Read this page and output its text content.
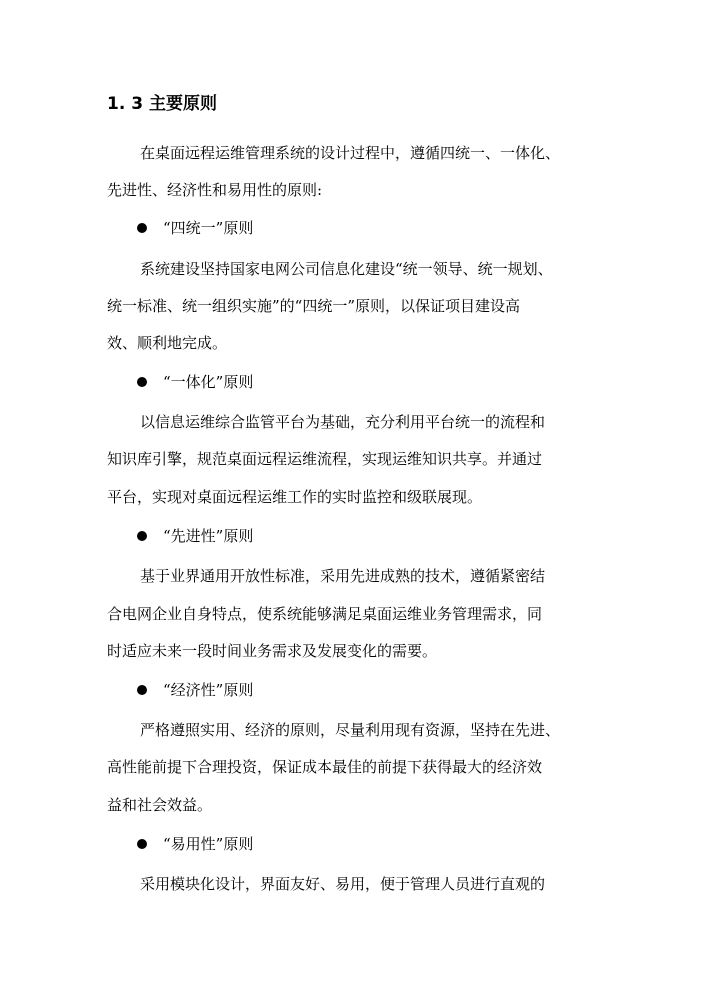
1. 3 主要原则
在桌面远程运维管理系统的设计过程中，遵循四统一、一体化、
先进性、经济性和易用性的原则:
“四统一”原则
系统建设坚持国家电网公司信息化建设“统一领导、统一规划、
统一标准、统一组织实施”的“四统一”原则，以保证项目建设高
效、顺利地完成。
“一体化”原则
以信息运维综合监管平台为基础，充分利用平台统一的流程和
知识库引擎，规范桌面远程运维流程，实现运维知识共享。并通过
平台，实现对桌面远程运维工作的实时监控和级联展现。
“先进性”原则
基于业界通用开放性标准，采用先进成熟的技术，遵循紧密结
合电网企业自身特点，使系统能够满足桌面运维业务管理需求，同
时适应未来一段时间业务需求及发展变化的需要。
“经济性”原则
严格遵照实用、经济的原则，尽量利用现有资源，坚持在先进、
高性能前提下合理投资，保证成本最佳的前提下获得最大的经济效
益和社会效益。
“易用性”原则
采用模块化设计，界面友好、易用，便于管理人员进行直观的
